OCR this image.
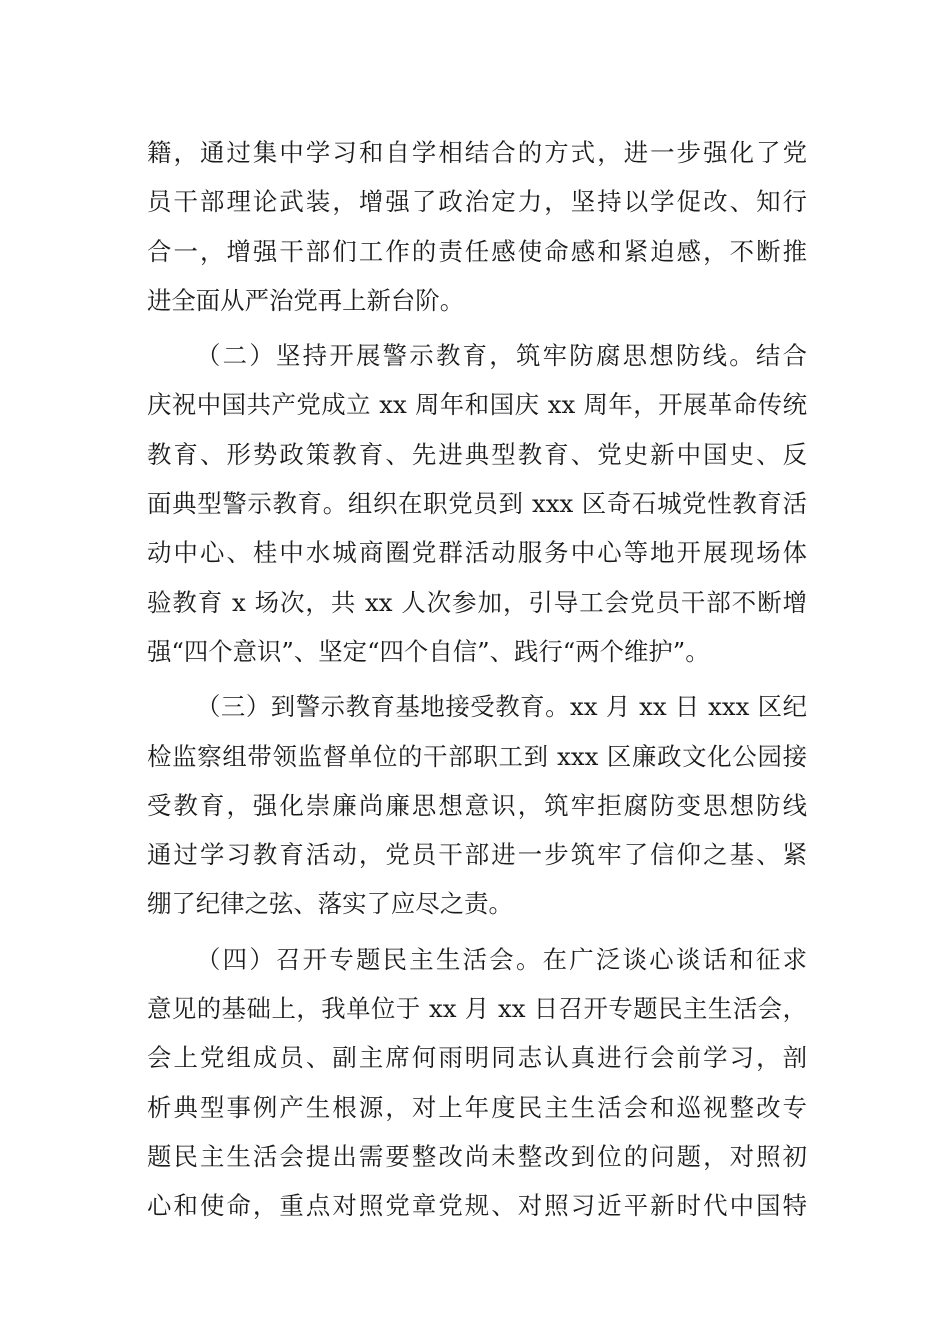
籍，通过集中学习和自学相结合的方式，进一步强化了党
员干部理论武装，增强了政治定力，坚持以学促改、知行
合一，增强干部们工作的责任感使命感和紧迫感，不断推
进全面从严治党再上新台阶。
（二）坚持开展警示教育，筑牢防腐思想防线。结合
庆祝中国共产党成立 xx 周年和国庆 xx 周年，开展革命传统
教育、形势政策教育、先进典型教育、党史新中国史、反
面典型警示教育。组织在职党员到 xxx 区奇石城党性教育活
动中心、桂中水城商圈党群活动服务中心等地开展现场体
验教育 x 场次，共 xx 人次参加，引导工会党员干部不断增
强“四个意识”、坚定“四个自信”、践行“两个维护”。
（三）到警示教育基地接受教育。xx 月 xx 日 xxx 区纪
检监察组带领监督单位的干部职工到 xxx 区廉政文化公园接
受教育，强化崇廉尚廉思想意识，筑牢拒腐防变思想防线
通过学习教育活动，党员干部进一步筑牢了信仰之基、紧
绷了纪律之弦、落实了应尽之责。
（四）召开专题民主生活会。在广泛谈心谈话和征求
意见的基础上，我单位于 xx 月 xx 日召开专题民主生活会，
会上党组成员、副主席何雨明同志认真进行会前学习，剖
析典型事例产生根源，对上年度民主生活会和巡视整改专
题民主生活会提出需要整改尚未整改到位的问题，对照初
心和使命，重点对照党章党规、对照习近平新时代中国特
